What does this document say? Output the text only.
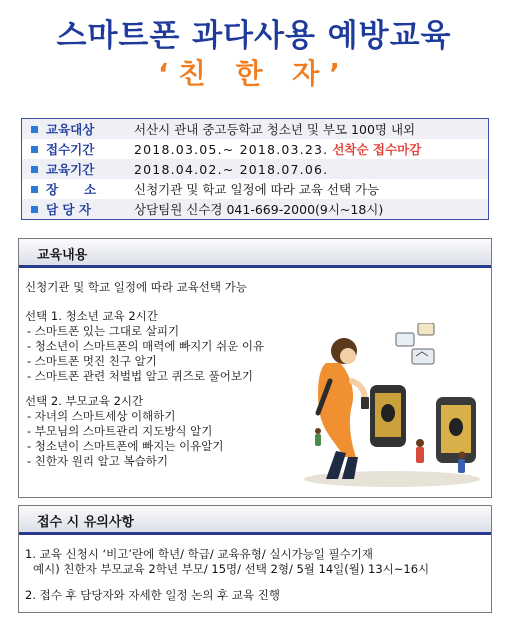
스마트폰 과다사용 예방교육
‘친 한 자’
교육대상	서산시 관내 중고등학교 청소년 및 부모 100명 내외
접수기간	2018.03.05.~ 2018.03.23. 선착순 접수마감
교육기간	2018.04.02.~ 2018.07.06.
장      소	신청기관 및 학교 일정에 따라 교육 선택 가능
담 당 자	상담팀원 신수경 041-669-2000(9시~18시)
교육내용
신청기관 및 학교 일정에 따라 교육선택 가능
선택 1. 청소년 교육 2시간
- 스마트폰 있는 그대로 살피기
- 청소년이 스마트폰의 매력에 빠지기 쉬운 이유
- 스마트폰 멋진 친구 알기
- 스마트폰 관련 처벌법 알고 퀴즈로 풀어보기
선택 2. 부모교육 2시간
- 자녀의 스마트세상 이해하기
- 부모님의 스마트관리 지도방식 알기
- 청소년이 스마트폰에 빠지는 이유알기
- 친한자 원리 알고 복습하기
접수 시 유의사항
1. 교육 신청시 ‘비고’란에 학년/ 학급/ 교육유형/ 실시가능일 필수기재
예시) 친한자 부모교육 2학년 부모/ 15명/ 선택 2형/ 5월 14일(월) 13시~16시
2. 접수 후 담당자와 자세한 일정 논의 후 교육 진행
